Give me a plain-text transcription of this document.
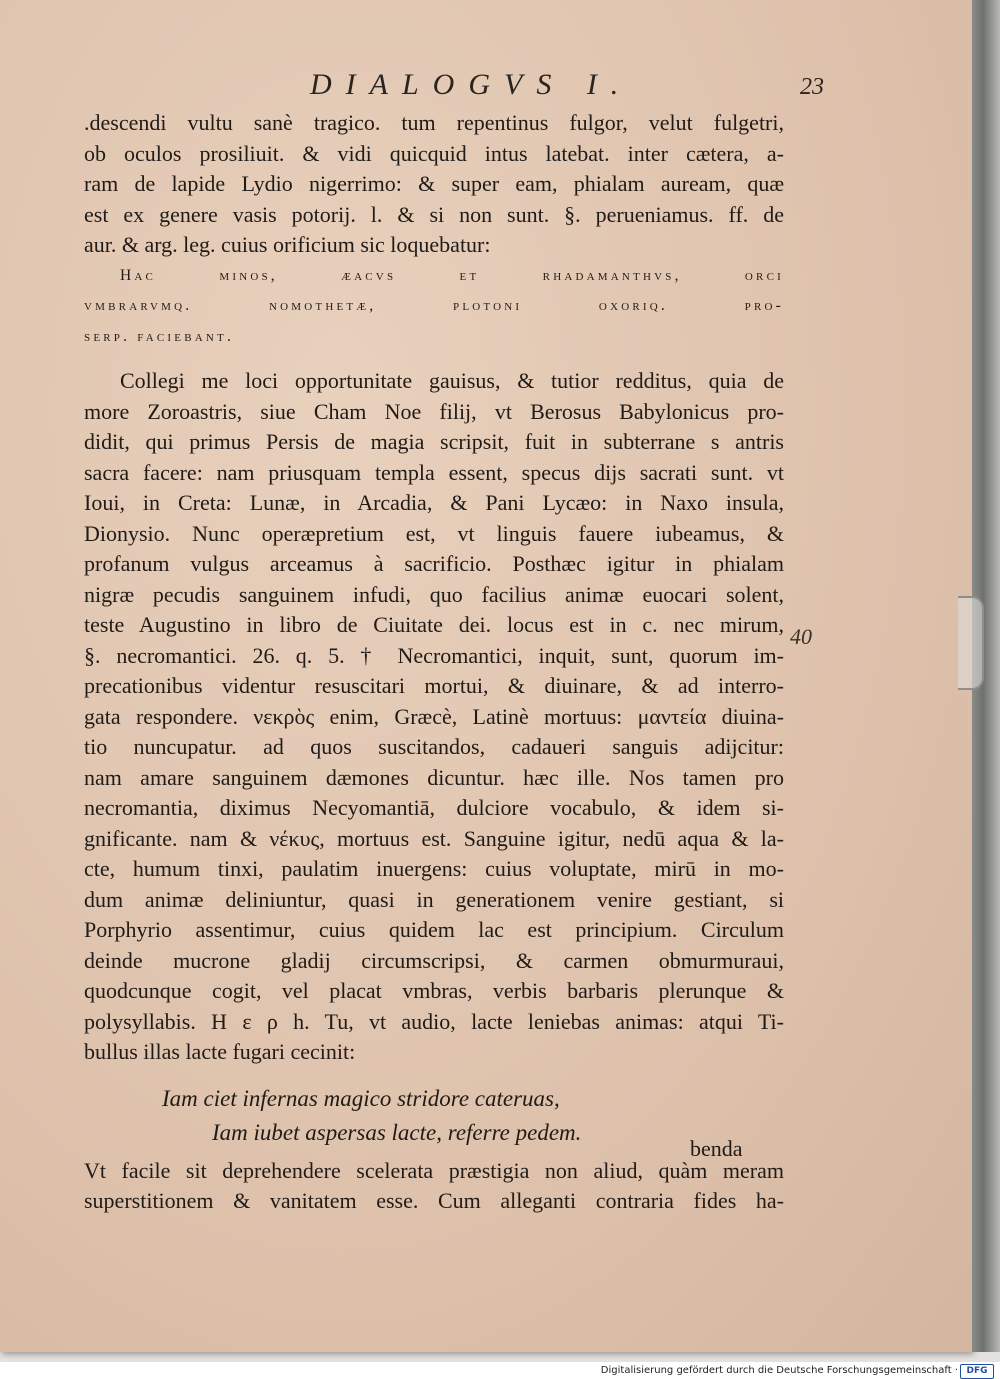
DIALOGVS I.	23
.descendi vultu sanè tragico. tum repentinus fulgor, velut fulgetri,
ob oculos prosiliuit. & vidi quicquid intus latebat. inter cætera, a-
ram de lapide Lydio nigerrimo: & super eam, phialam auream, quæ
est ex genere vasis potorij. l. & si non sunt. §. perueniamus. ff. de
aur. & arg. leg. cuius orificium sic loquebatur:
Hac minos, æacvs et rhadamanthvs, orci
vmbrarvmq. nomothetæ, plotoni oxoriq. pro-
serp. faciebant.
Collegi me loci opportunitate gauisus, & tutior redditus, quia de
more Zoroastris, siue Cham Noe filij, vt Berosus Babylonicus pro-
didit, qui primus Persis de magia scripsit, fuit in subterrane s antris
sacra facere: nam priusquam templa essent, specus dijs sacrati sunt. vt
Ioui, in Creta: Lunæ, in Arcadia, & Pani Lycæo: in Naxo insula,
Dionysio. Nunc operæpretium est, vt linguis fauere iubeamus, &
profanum vulgus arceamus à sacrificio. Posthæc igitur in phialam
nigræ pecudis sanguinem infudi, quo facilius animæ euocari solent,
teste Augustino in libro de Ciuitate dei. locus est in c. nec mirum,
§. necromantici. 26. q. 5. † Necromantici, inquit, sunt, quorum im-
precationibus videntur resuscitari mortui, & diuinare, & ad interro-
gata respondere. νεκρὸς enim, Græcè, Latinè mortuus: μαντεία diuina-
tio nuncupatur. ad quos suscitandos, cadaueri sanguis adijcitur:
nam amare sanguinem dæmones dicuntur. hæc ille. Nos tamen pro
necromantia, diximus Necyomantiā, dulciore vocabulo, & idem si-
gnificante. nam & νέκυς, mortuus est. Sanguine igitur, nedū aqua & la-
cte, humum tinxi, paulatim inuergens: cuius voluptate, mirū in mo-
dum animæ deliniuntur, quasi in generationem venire gestiant, si
Porphyrio assentimur, cuius quidem lac est principium. Circulum
deinde mucrone gladij circumscripsi, & carmen obmurmuraui,
quodcunque cogit, vel placat vmbras, verbis barbaris plerunque &
polysyllabis. H ε ρ h. Tu, vt audio, lacte leniebas animas: atqui Ti-
bullus illas lacte fugari cecinit:
Iam ciet infernas magico stridore cateruas,
Iam iubet aspersas lacte, referre pedem.
Vt facile sit deprehendere scelerata præstigia non aliud, quàm meram
superstitionem & vanitatem esse. Cum alleganti contraria fides ha-
benda
40
Digitalisierung gefördert durch die Deutsche Forschungsgemeinschaft · DFG
